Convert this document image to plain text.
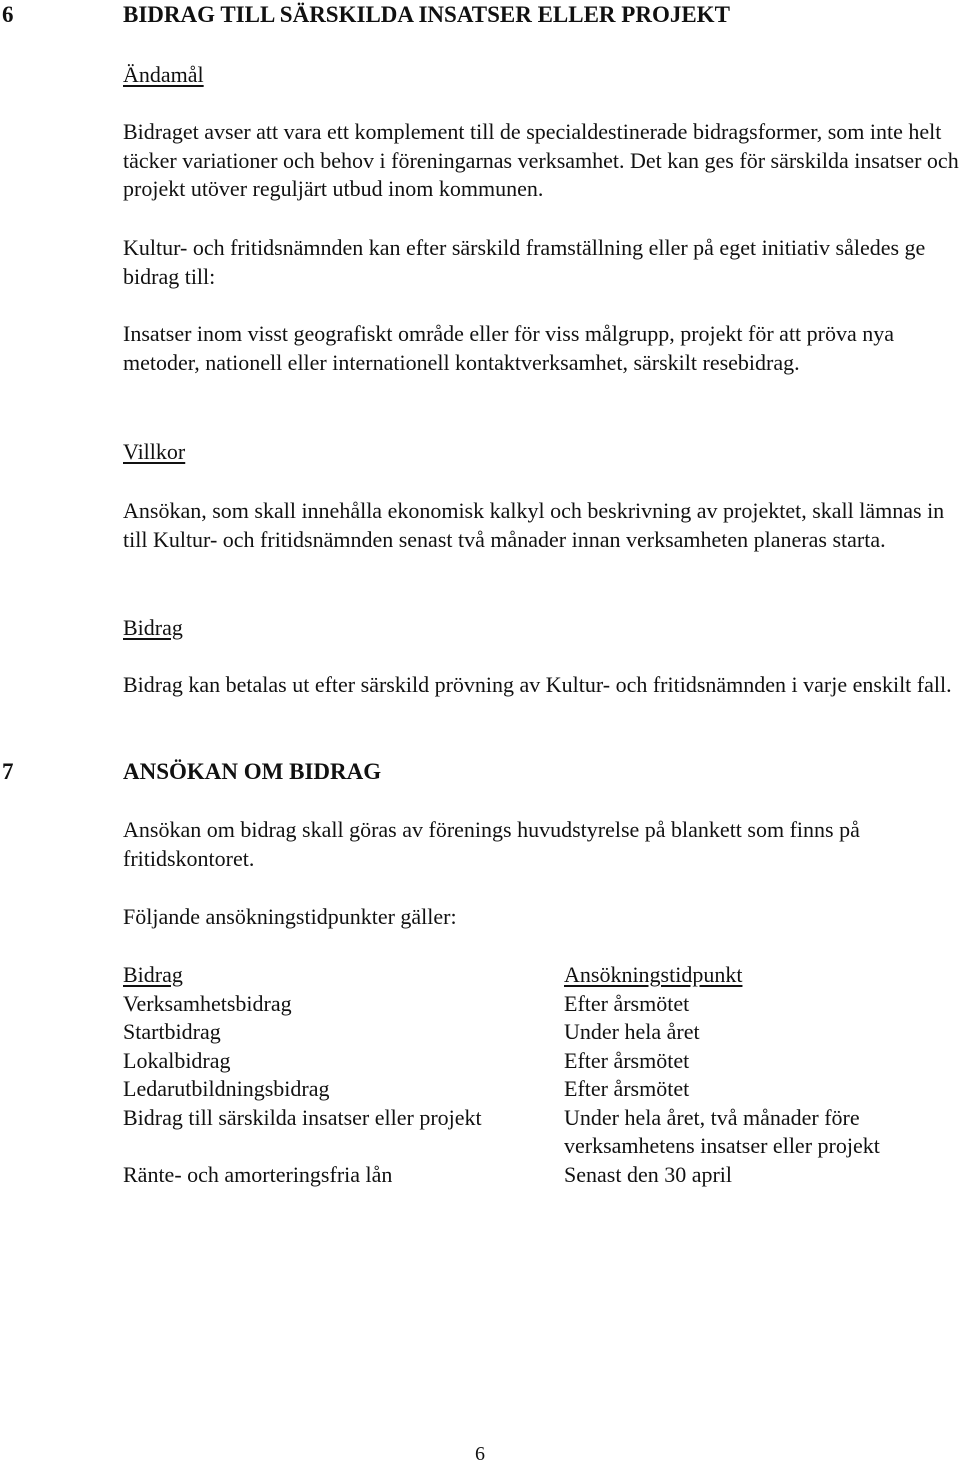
6	BIDRAG TILL SÄRSKILDA INSATSER ELLER PROJEKT
Ändamål
Bidraget avser att vara ett komplement till de specialdestinerade bidragsformer, som inte helt täcker variationer och behov i föreningarnas verksamhet. Det kan ges för särskilda insatser och projekt utöver reguljärt utbud inom kommunen.
Kultur- och fritidsnämnden kan efter särskild framställning eller på eget initiativ således ge bidrag till:
Insatser inom visst geografiskt område eller för viss målgrupp, projekt för att pröva nya metoder, nationell eller internationell kontaktverksamhet, särskilt resebidrag.
Villkor
Ansökan, som skall innehålla ekonomisk kalkyl och beskrivning av projektet, skall lämnas in till Kultur- och fritidsnämnden senast två månader innan verksamheten planeras starta.
Bidrag
Bidrag kan betalas ut efter särskild prövning av Kultur- och fritidsnämnden i varje enskilt fall.
7	ANSÖKAN OM BIDRAG
Ansökan om bidrag skall göras av förenings huvudstyrelse på blankett som finns på fritidskontoret.
Följande ansökningstidpunkter gäller:
Bidrag	Ansökningstidpunkt
Verksamhetsbidrag	Efter årsmötet
Startbidrag	Under hela året
Lokalbidrag	Efter årsmötet
Ledarutbildningsbidrag	Efter årsmötet
Bidrag till särskilda insatser eller projekt	Under hela året, två månader före verksamhetens insatser eller projekt
Ränte- och amorteringsfria lån	Senast den 30 april
6
